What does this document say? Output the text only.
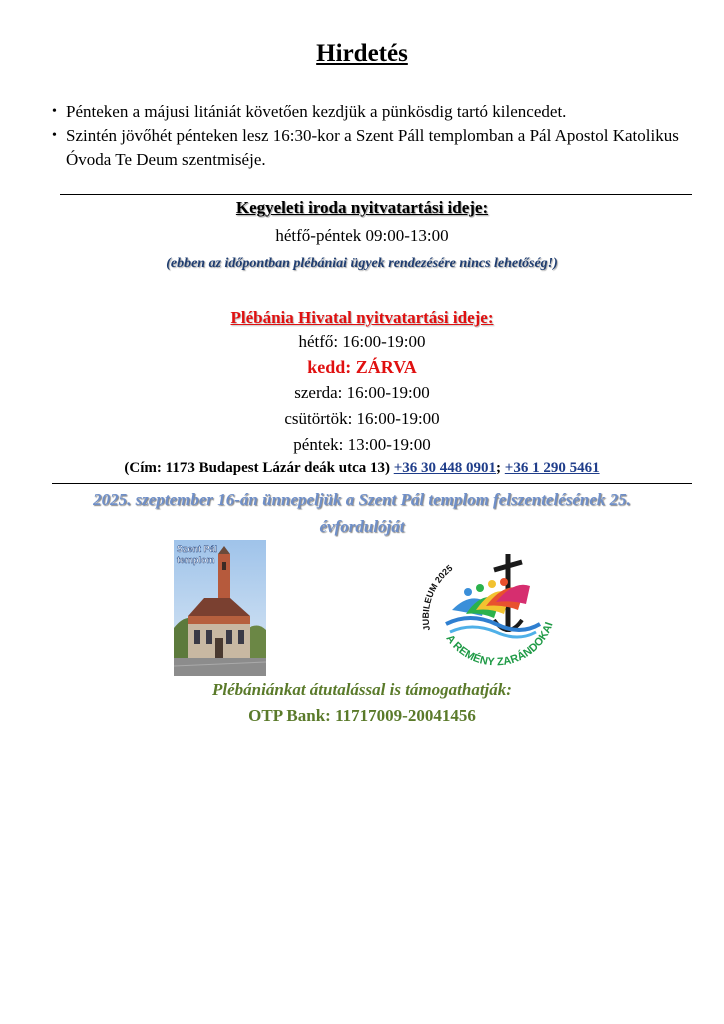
Hirdetés
• Pénteken a májusi litániát követően kezdjük a pünkösdig tartó kilencedet.
• Szintén jövőhét pénteken lesz 16:30-kor a Szent Páll templomban a Pál Apostol Katolikus Óvoda Te Deum szentmiséje.
Kegyeleti iroda nyitvatartási ideje:
hétfő-péntek 09:00-13:00
(ebben az időpontban plébániai ügyek rendezésére nincs lehetőség!)
Plébánia Hivatal nyitvatartási ideje:
hétfő: 16:00-19:00
kedd: ZÁRVA
szerda: 16:00-19:00
csütörtök: 16:00-19:00
péntek: 13:00-19:00
(Cím: 1173 Budapest Lázár deák utca 13) +36 30 448 0901; +36 1 290 5461
2025. szeptember 16-án ünnepeljük a Szent Pál templom felszentelésének 25.
évfordulóját
Szent Pál
templom
JUBILEUM 2025
A REMÉNY ZARÁNDOKAI
Plébániánkat átutalással is támogathatják:
OTP Bank: 11717009-20041456
